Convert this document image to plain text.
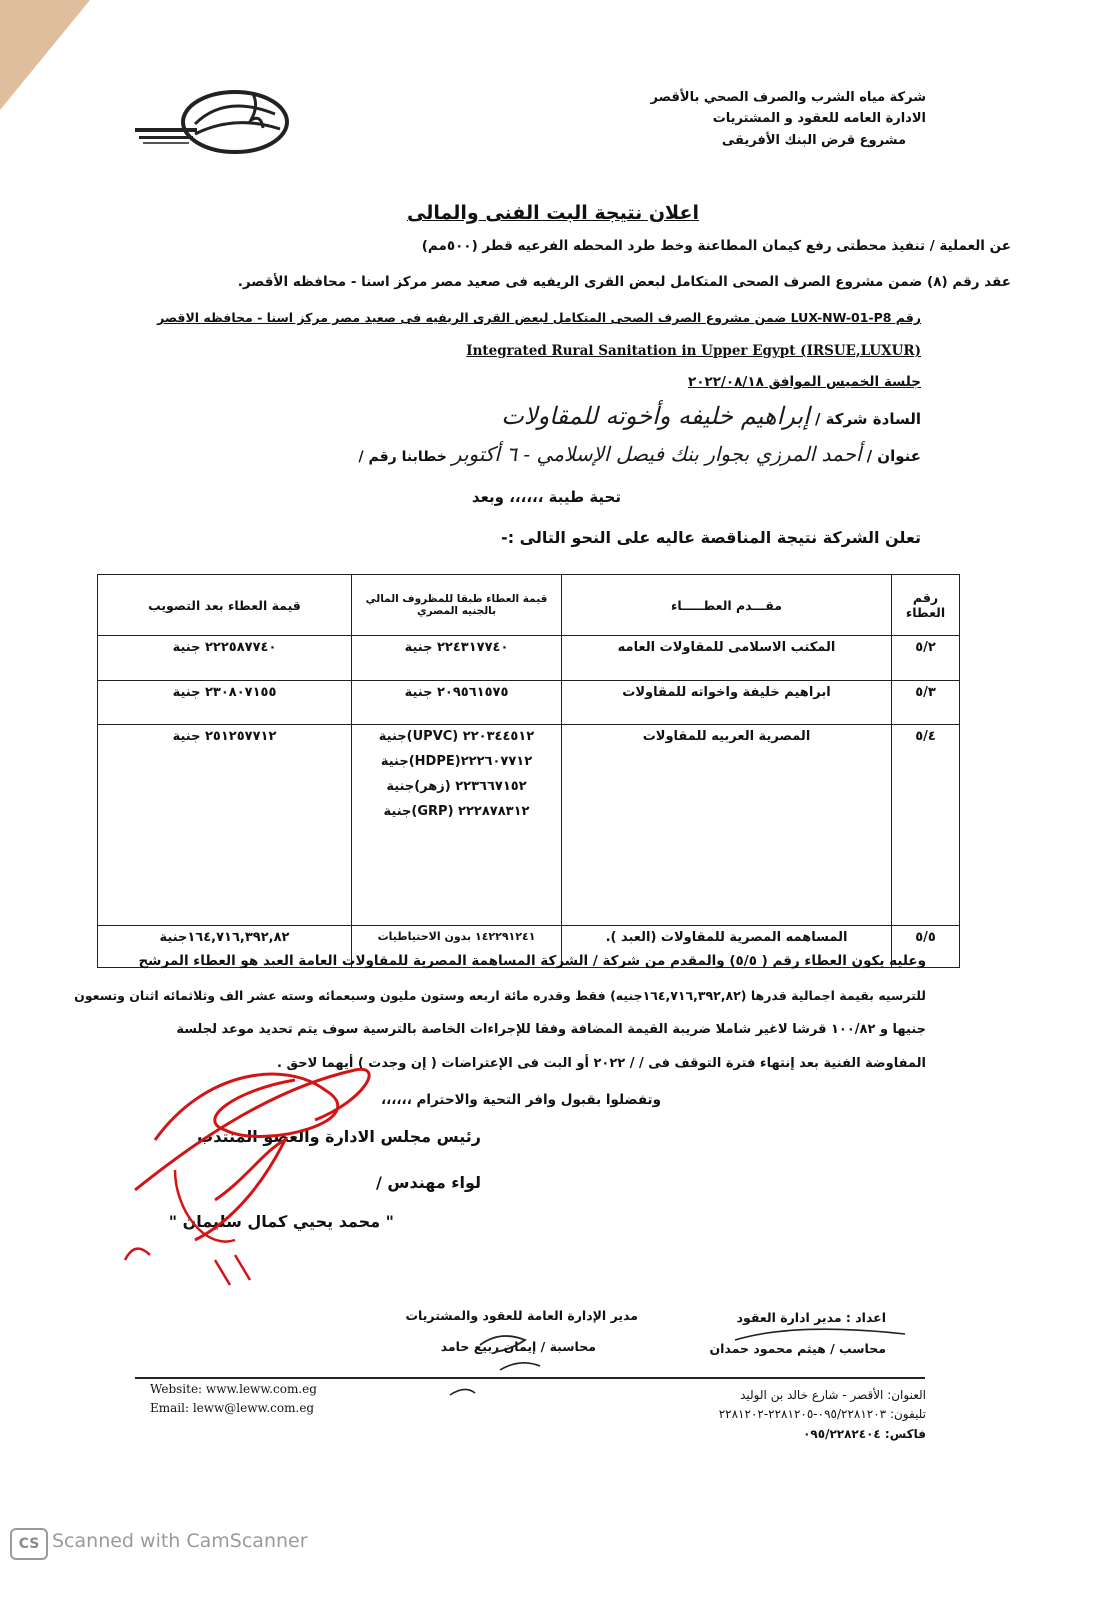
شركة مياه الشرب والصرف الصحي بالأقصر
الادارة العامه للعقود و المشتريات
مشروع قرض البنك الأفريقى
اعلان نتيجة البت الفنى والمالى
عن العملية / تنفيذ محطتى رفع كيمان المطاعنة وخط طرد المحطه الفرعيه قطر (٥٠٠مم)
عقد رقم (٨) ضمن مشروع الصرف الصحى المتكامل لبعض القرى الريفيه فى صعيد مصر مركز اسنا - محافظه الأقصر.
رقم LUX-NW-01-P8 ضمن مشروع الصرف الصحى المتكامل لبعض القرى الريفيه فى صعيد مصر مركز اسنا - محافظه الاقصر
Integrated Rural Sanitation in Upper Egypt (IRSUE,LUXUR)
جلسة الخميس الموافق ٢٠٢٢/٠٨/١٨
السادة شركة / إبراهيم خليفه وأخوته للمقاولات
عنوان / أحمد المرزي بجوار بنك فيصل الإسلامي - ٦ أكتوبر خطابنا رقم /
تحية طيبة ،،،،،، وبعد
تعلن الشركة نتيجة المناقصة عاليه على النحو التالى :-
رقم العطاء	مقـــدم العطـــــاء	قيمة العطاء طبقا للمظروف المالي بالجنيه المصري	قيمة العطاء بعد التصويب
٥/٢	المكتب الاسلامى للمقاولات العامه	٢٢٤٣١٧٧٤٠ جنية	٢٢٢٥٨٧٧٤٠ جنية
٥/٣	ابراهيم خليفة واخواته للمقاولات	٢٠٩٥٦١٥٧٥ جنية	٢٣٠٨٠٧١٥٥ جنية
٥/٤	المصرية العربيه للمقاولات	٢٢٠٣٤٤٥١٢ (UPVC)جنية
٢٢٢٦٠٧٧١٢(HDPE)جنية
٢٢٣٦٦٧١٥٢ (زهر)جنية
٢٢٢٨٧٨٣١٢ (GRP)جنية	٢٥١٢٥٧٧١٢ جنية
٥/٥	المساهمه المصرية للمقاولات (العبد ).	١٤٢٢٩١٢٤١ بدون الاحتياطيات	١٦٤,٧١٦,٣٩٢,٨٢جنية
وعليه يكون العطاء رقم ( ٥/٥) والمقدم من شركة / الشركة المساهمة المصرية للمقاولات العامة العبد هو العطاء المرشح
للترسيه بقيمة اجمالية قدرها (١٦٤,٧١٦,٣٩٢,٨٢جنيه) فقط وقدره مائة اربعه وستون مليون وسبعمائه وسته عشر الف وثلاثمائه اثنان وتسعون
جنيها و ١٠٠/٨٢ قرشا لاغير شاملا ضريبة القيمة المضافة وفقا للإجراءات الخاصة بالترسية سوف يتم تحديد موعد لجلسة
المفاوضة الفنية بعد إنتهاء فترة التوقف فى / / ٢٠٢٢ أو البت فى الإعتراضات ( إن وجدت ) أيهما لاحق .
وتفضلوا بقبول وافر التحية والاحترام ،،،،،،
رئيس مجلس الادارة والعضو المنتدب
لواء مهندس /
" محمد يحيي كمال سليمان "
اعداد : مدير ادارة العقود
محاسب / هيثم محمود حمدان
مدير الإدارة العامة للعقود والمشتريات
محاسبة / إيمان ربيع حامد
Website: www.leww.com.eg
Email: leww@leww.com.eg
العنوان: الأقصر - شارع خالد بن الوليد
تليفون: ٠٩٥/٢٢٨١٢٠٣-٢٢٨١٢٠٥-٢٢٨١٢٠٢
فاكس: ٠٩٥/٢٢٨٢٤٠٤
CS Scanned with CamScanner
